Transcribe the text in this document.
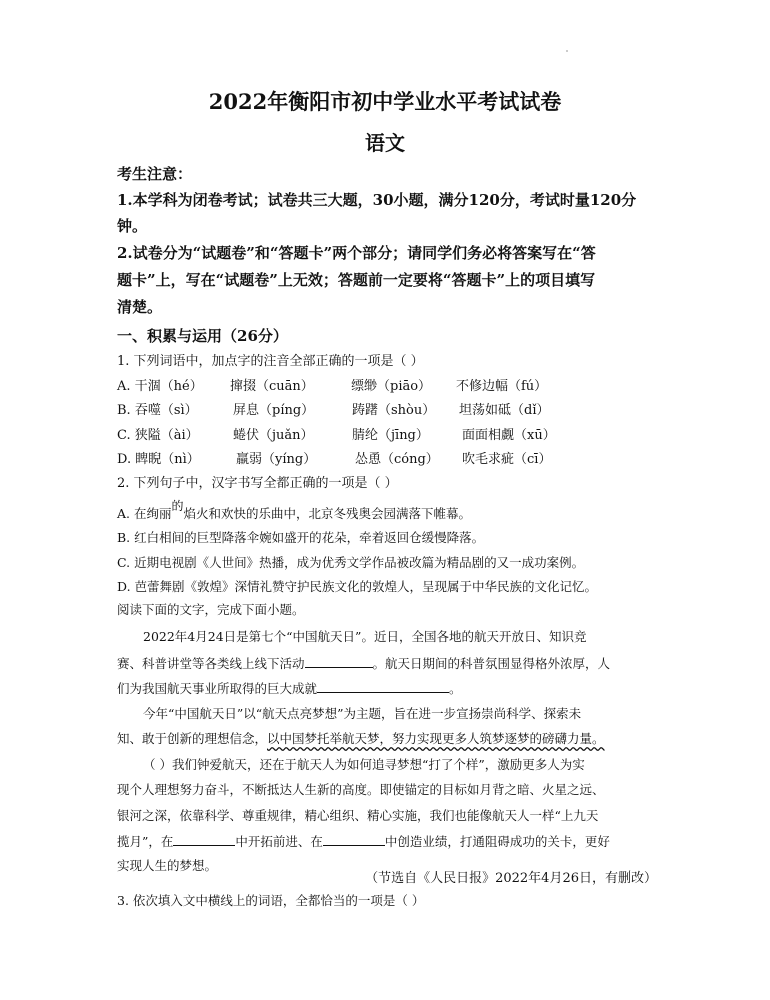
2022年衡阳市初中学业水平考试试卷
语文
考生注意：
1.本学科为闭卷考试；试卷共三大题，30小题，满分120分，考试时量120分
钟。
2.试卷分为“试题卷”和“答题卡”两个部分；请同学们务必将答案写在“答
题卡”上，写在“试题卷”上无效；答题前一定要将“答题卡”上的项目填写
清楚。
一、积累与运用（26分）
1. 下列词语中，加点字的注音全部正确的一项是（ ）
A. 干涸（hé） 撺掇（cuān）	缥缈（piāo） 不修边幅（fú）
B. 吞噬（sì）	屏息（píng）	踌躇（shòu） 坦荡如砥（dǐ）
C. 狭隘（ài）	蜷伏（juǎn）	腈纶（jīng）	面面相觑（xū）
D. 睥睨（nì）	羸弱（yíng）	怂恿（cóng） 吹毛求疵（cī）
2. 下列句子中，汉字书写全都正确的一项是（ ）
A. 在绚丽的焰火和欢快的乐曲中，北京冬残奥会园满落下帷幕。
B. 红白相间的巨型降落伞婉如盛开的花朵，牵着返回仓缓慢降落。
C. 近期电视剧《人世间》热播，成为优秀文学作品被改篇为精品剧的又一成功案例。
D. 芭蕾舞剧《敦煌》深情礼赞守护民族文化的敦煌人，呈现属于中华民族的文化记忆。
阅读下面的文字，完成下面小题。
2022年4月24日是第七个“中国航天日”。近日，全国各地的航天开放日、知识竞
赛、科普讲堂等各类线上线下活动	。航天日期间的科普氛围显得格外浓厚，人
们为我国航天事业所取得的巨大成就	。
今年“中国航天日”以“航天点亮梦想”为主题，旨在进一步宣扬崇尚科学、探索未
知、敢于创新的理想信念，以中国梦托举航天梦，努力实现更多人筑梦逐梦的磅礴力量。
（ ）我们钟爱航天，还在于航天人为如何追寻梦想“打了个样”，激励更多人为实
现个人理想努力奋斗，不断抵达人生新的高度。即使锚定的目标如月背之暗、火星之远、
银河之深，依靠科学、尊重规律，精心组织、精心实施，我们也能像航天人一样“上九天
揽月”，在	中开拓前进、在	中创造业绩，打通阻碍成功的关卡，更好
实现人生的梦想。
（节选自《人民日报》2022年4月26日，有删改）
3. 依次填入文中横线上的词语，全都恰当的一项是（ ）
